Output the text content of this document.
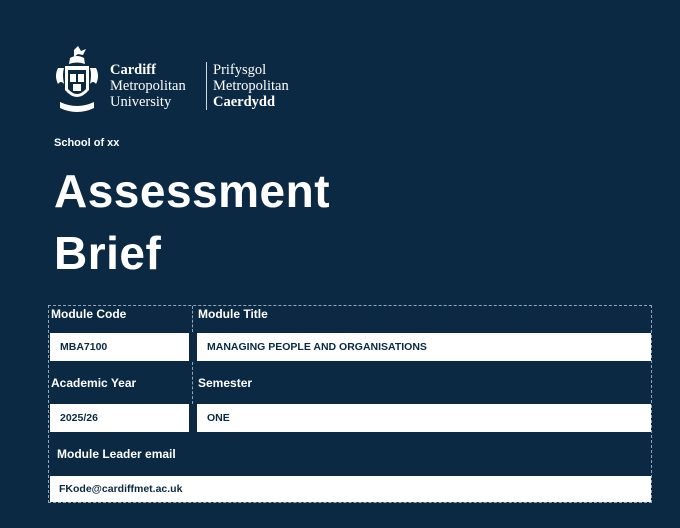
Cardiff
Metropolitan
University
Prifysgol
Metropolitan
Caerdydd
School of xx
Assessment
Brief
Module Code	Module Title
MBA7100	MANAGING PEOPLE AND ORGANISATIONS
Academic Year	Semester
2025/26	ONE
Module Leader email
FKode@cardiffmet.ac.uk
